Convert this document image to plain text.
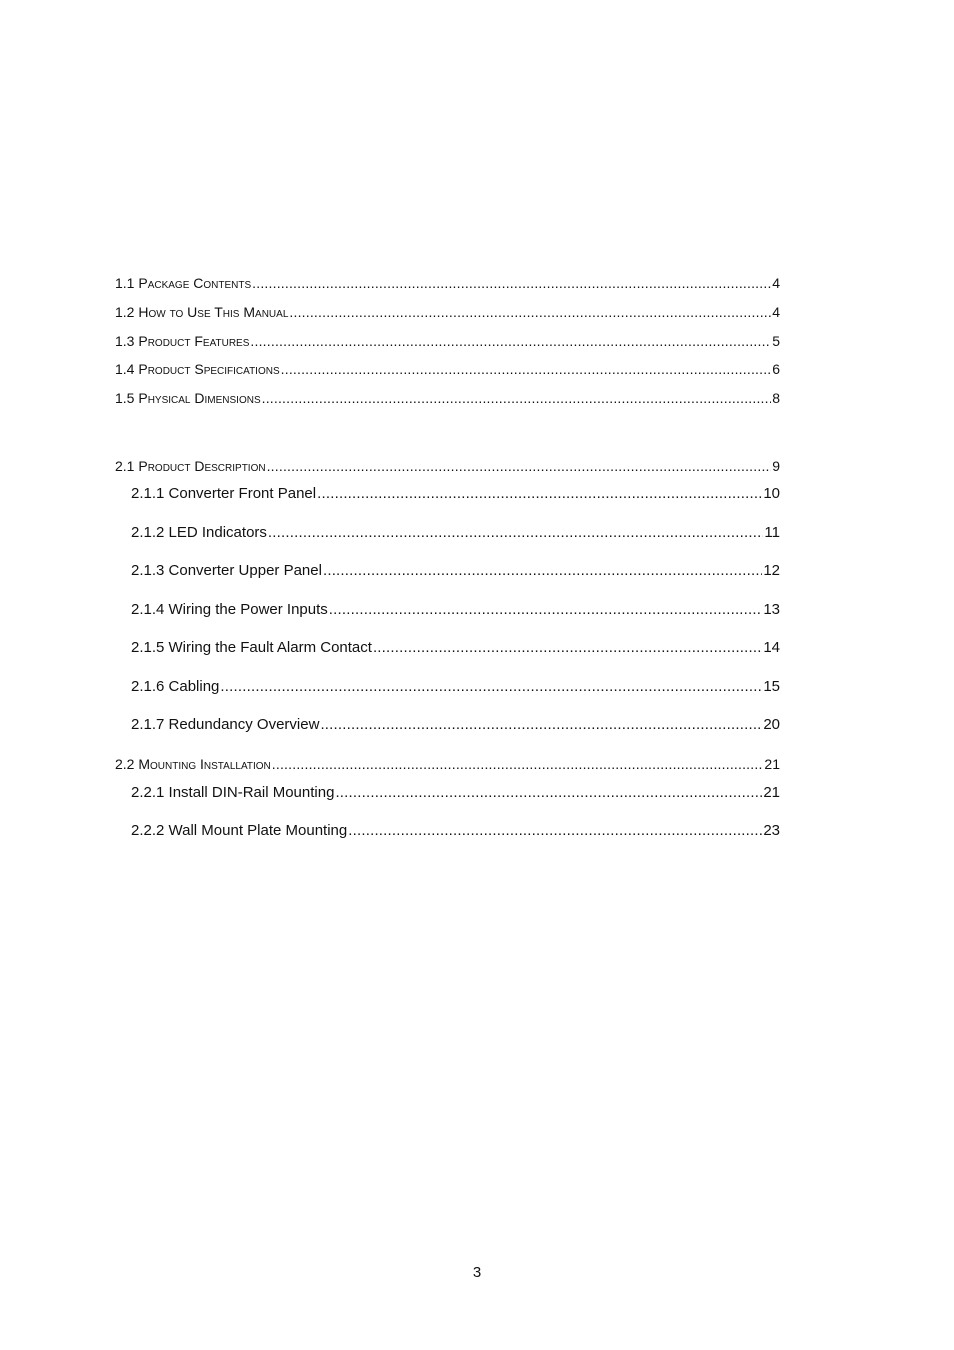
1.1 Package Contents .....	4
1.2 How to Use This Manual .....	4
1.3 Product Features .....	5
1.4 Product Specifications .....	6
1.5 Physical Dimensions .....	8
2.1 Product Description .....	9
2.1.1 Converter Front Panel .....	10
2.1.2 LED Indicators .....	11
2.1.3 Converter Upper Panel .....	12
2.1.4 Wiring the Power Inputs .....	13
2.1.5 Wiring the Fault Alarm Contact .....	14
2.1.6 Cabling .....	15
2.1.7 Redundancy Overview .....	20
2.2 Mounting Installation .....	21
2.2.1 Install DIN-Rail Mounting .....	21
2.2.2 Wall Mount Plate Mounting .....	23
3
